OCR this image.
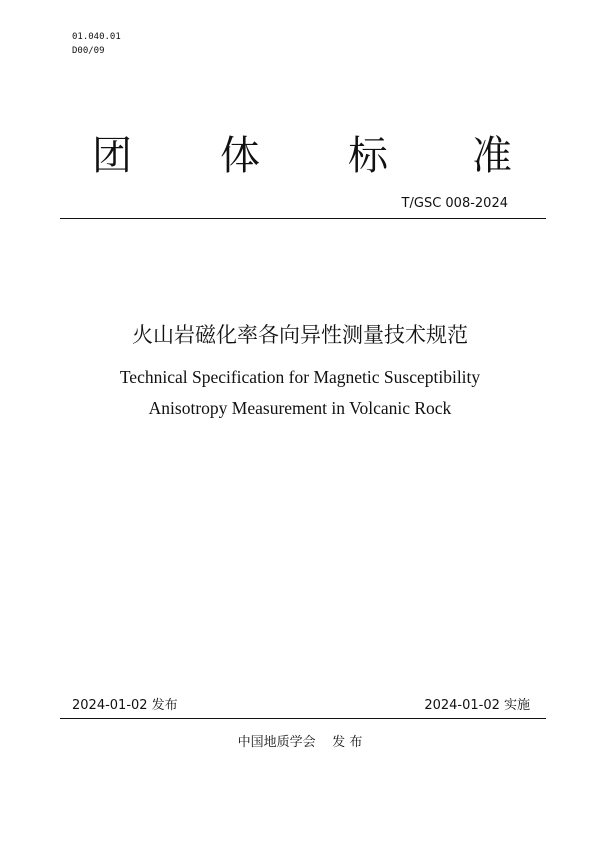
01.040.01
D00/09
团 体 标 准
T/GSC 008-2024
火山岩磁化率各向异性测量技术规范
Technical Specification for Magnetic Susceptibility
Anisotropy Measurement in Volcanic Rock
2024-01-02 发布	2024-01-02 实施
中国地质学会    发 布
